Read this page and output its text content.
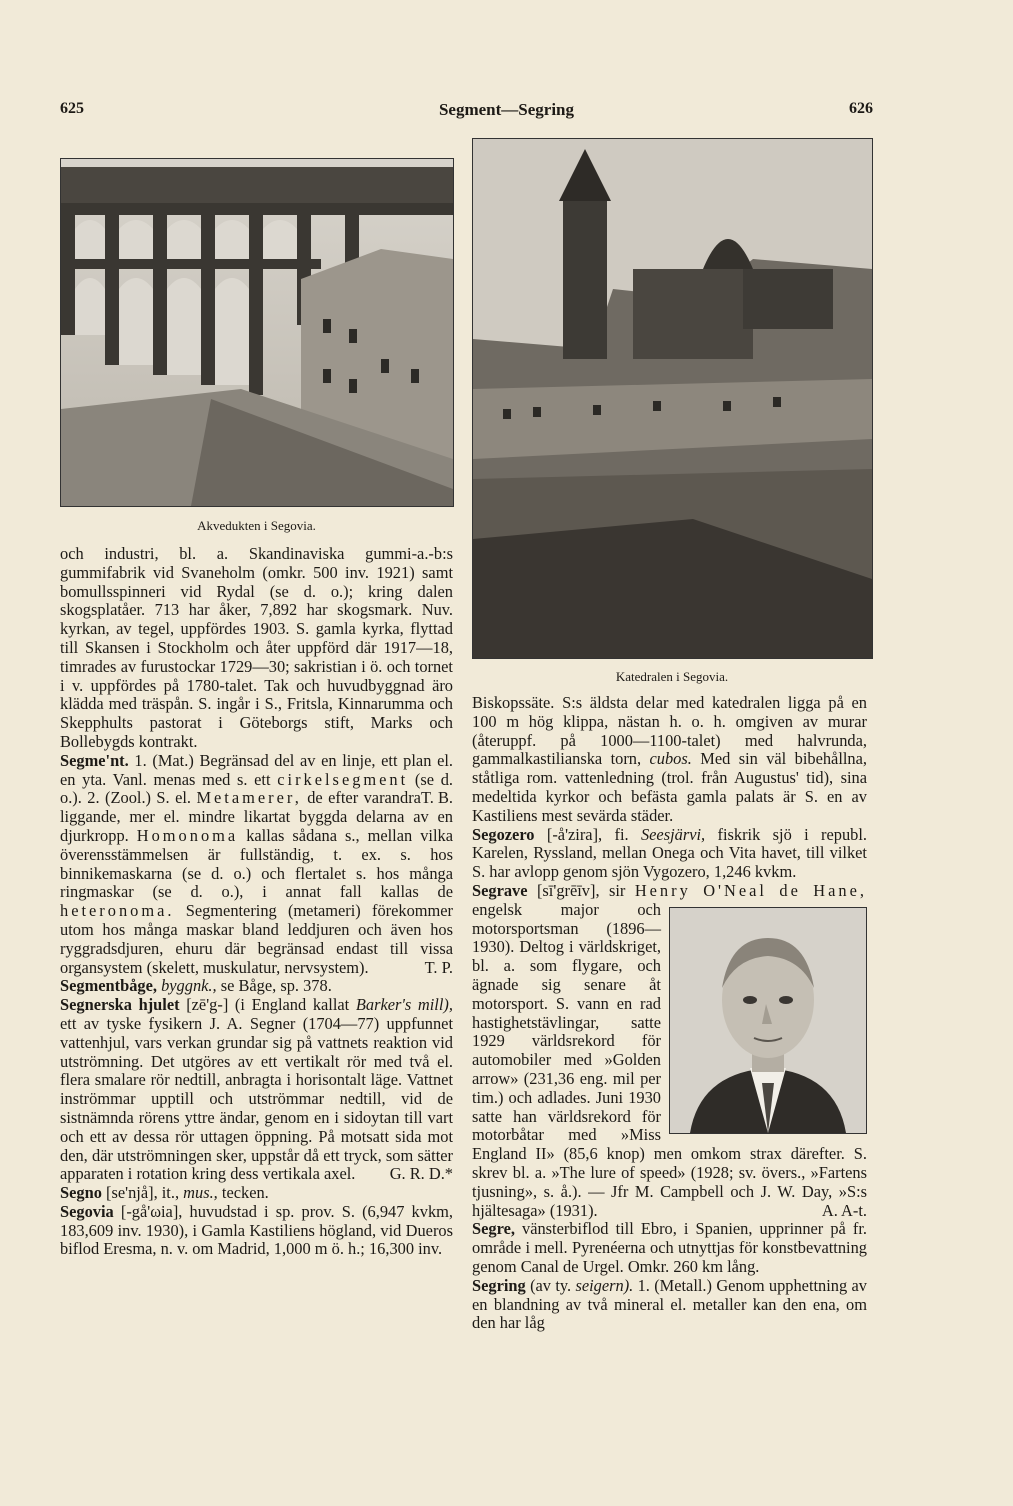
625	Segment—Segring	626
Akvedukten i Segovia.
Katedralen i Segovia.

och industri, bl. a. Skandinaviska gummi-a.-b:s gummifabrik vid Svaneholm (omkr. 500 inv. 1921) samt bomullsspinneri vid Rydal (se d. o.); kring dalen skogsplatåer. 713 har åker, 7,892 har skogsmark. Nuv. kyrkan, av tegel, uppfördes 1903. S. gamla kyrka, flyttad till Skansen i Stockholm och åter uppförd där 1917—18, timrades av furustockar 1729—30; sakristian i ö. och tornet i v. uppfördes på 1780-talet. Tak och huvudbyggnad äro klädda med träspån. S. ingår i S., Fritsla, Kinnarumma och Skepphults pastorat i Göteborgs stift, Marks och Bollebygds kontrakt.

Segme'nt. 1. (Mat.) Begränsad del av en linje, ett plan el. en yta. Vanl. menas med s. ett cirkelsegment (se d. o.).	T. B.
2. (Zool.) S. el. Metamerer, de efter varandra liggande, mer el. mindre likartat byggda delarna av en djurkropp. Homonoma kallas sådana s., mellan vilka överensstämmelsen är fullständig, t. ex. s. hos binnikemaskarna (se d. o.) och flertalet s. hos många ringmaskar (se d. o.), i annat fall kallas de heteronoma. Segmentering (metameri) förekommer utom hos många maskar bland leddjuren och även hos ryggradsdjuren, ehuru där begränsad endast till vissa organsystem (skelett, muskulatur, nervsystem).	T. P.

Segmentbåge, byggnk., se Båge, sp. 378.

Segnerska hjulet [zē'g-] (i England kallat Barker's mill), ett av tyske fysikern J. A. Segner (1704—77) uppfunnet vattenhjul, vars verkan grundar sig på vattnets reaktion vid utströmning. Det utgöres av ett vertikalt rör med två el. flera smalare rör nedtill, anbragta i horisontalt läge. Vattnet inströmmar upptill och utströmmar nedtill, vid de sistnämnda rörens yttre ändar, genom en i sidoytan till vart och ett av dessa rör uttagen öppning. På motsatt sida mot den, där utströmningen sker, uppstår då ett tryck, som sätter apparaten i rotation kring dess vertikala axel. G. R. D.*

Segno [se'njå], it., mus., tecken.

Segovia [-gå'ωia], huvudstad i sp. prov. S. (6,947 kvkm, 183,609 inv. 1930), i Gamla Kastiliens högland, vid Dueros biflod Eresma, n. v. om Madrid, 1,000 m ö. h.; 16,300 inv.

Biskopssäte. S:s äldsta delar med katedralen ligga på en 100 m hög klippa, nästan h. o. h. omgiven av murar (återuppf. på 1000—1100-talet) med halvrunda, gammalkastilianska torn, cubos. Med sin väl bibehållna, ståtliga rom. vattenledning (trol. från Augustus' tid), sina medeltida kyrkor och befästa gamla palats är S. en av Kastiliens mest sevärda städer.

Segozero [-å'zira], fi. Seesjärvi, fiskrik sjö i republ. Karelen, Ryssland, mellan Onega och Vita havet, till vilket S. har avlopp genom sjön Vygozero, 1,246 kvkm.

Segrave [sī'grēīv], sir Henry O'Neal de Hane,
engelsk major och motorsportsman (1896—1930). Deltog i världskriget, bl. a. som flygare, och ägnade sig senare åt motorsport. S. vann en rad hastighetstävlingar, satte 1929 världsrekord för automobiler med »Golden arrow» (231,36 eng. mil per tim.) och adlades. Juni 1930 satte han världsrekord för motorbåtar med »Miss England II» (85,6 knop) men omkom strax därefter. S. skrev bl. a. »The lure of speed» (1928; sv. övers., »Fartens tjusning», s. å.). — Jfr M. Campbell och J. W. Day, »S:s hjältesaga» (1931).	A. A-t.

Segre, vänsterbiflod till Ebro, i Spanien, upprinner på fr. område i mell. Pyrenéerna och utnyttjas för konstbevattning genom Canal de Urgel. Omkr. 260 km lång.

Segring (av ty. seigern). 1. (Metall.) Genom upphettning av en blandning av två mineral el. metaller kan den ena, om den har låg
